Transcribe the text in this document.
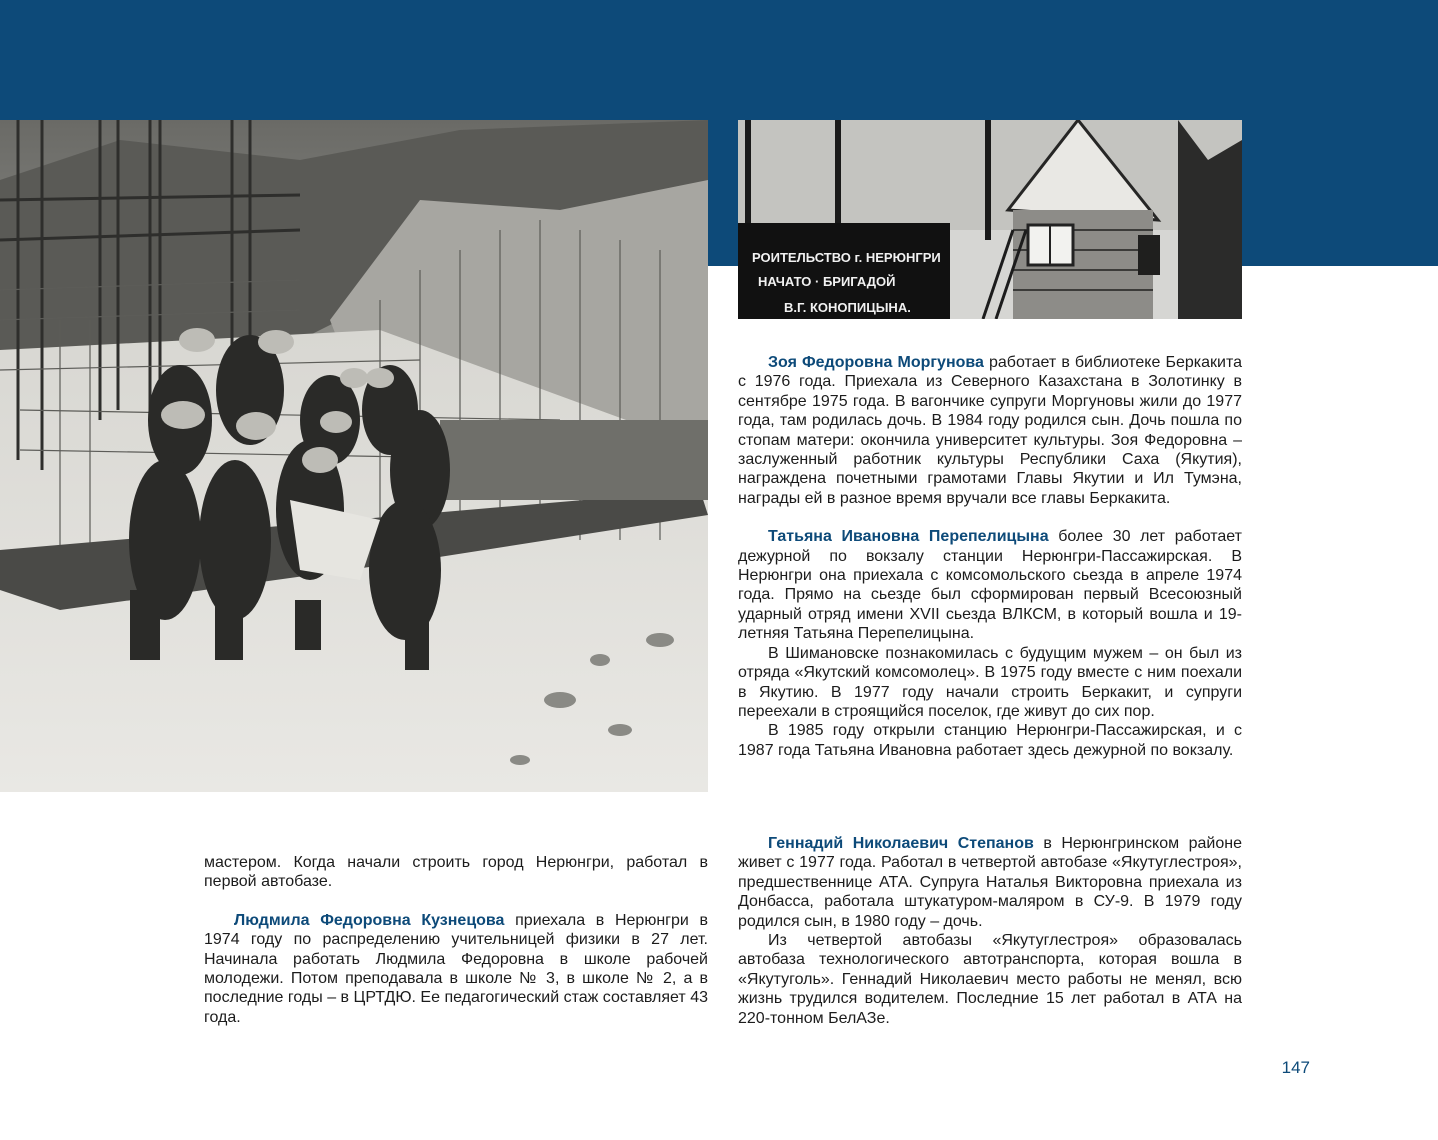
РОИТЕЛЬСТВО г. НЕРЮНГРИ
НАЧАТО · БРИГАДОЙ
В.Г. КОНОПИЦЫНА.

мастером. Когда начали строить город Нерюнгри, работал в первой автобазе.

Людмила Федоровна Кузнецова приехала в Нерюнгри в 1974 году по распределению учительницей физики в 27 лет. Начинала работать Людмила Федоровна в школе рабочей молодежи. Потом преподавала в школе № 3, в школе № 2, а в последние годы – в ЦРТДЮ. Ее педагогический стаж составляет 43 года.

Зоя Федоровна Моргунова работает в библиотеке Беркакита с 1976 года. Приехала из Северного Казахстана в Золотинку в сентябре 1975 года. В вагончике супруги Моргуновы жили до 1977 года, там родилась дочь. В 1984 году родился сын. Дочь пошла по стопам матери: окончила университет культуры. Зоя Федоровна – заслуженный работник культуры Республики Саха (Якутия), награждена почетными грамотами Главы Якутии и Ил Тумэна, награды ей в разное время вручали все главы Беркакита.

Татьяна Ивановна Перепелицына более 30 лет работает дежурной по вокзалу станции Нерюнгри-Пассажирская. В Нерюнгри она приехала с комсомольского сьезда в апреле 1974 года. Прямо на сьезде был сформирован первый Всесоюзный ударный отряд имени XVII сьезда ВЛКСМ, в который вошла и 19-летняя Татьяна Перепелицына.

В Шимановске познакомилась с будущим мужем – он был из отряда «Якутский комсомолец». В 1975 году вместе с ним поехали в Якутию. В 1977 году начали строить Беркакит, и супруги переехали в строящийся поселок, где живут до сих пор.

В 1985 году открыли станцию Нерюнгри-Пассажирская, и с 1987 года Татьяна Ивановна работает здесь дежурной по вокзалу.

Геннадий Николаевич Степанов в Нерюнгринском районе живет с 1977 года. Работал в четвертой автобазе «Якутуглестроя», предшественнице АТА. Супруга Наталья Викторовна приехала из Донбасса, работала штукатуром-маляром в СУ-9. В 1979 году родился сын, в 1980 году – дочь.

Из четвертой автобазы «Якутуглестроя» образовалась автобаза технологического автотранспорта, которая вошла в «Якутуголь». Геннадий Николаевич место работы не менял, всю жизнь трудился водителем. Последние 15 лет работал в АТА на 220-тонном БелАЗе.

147
